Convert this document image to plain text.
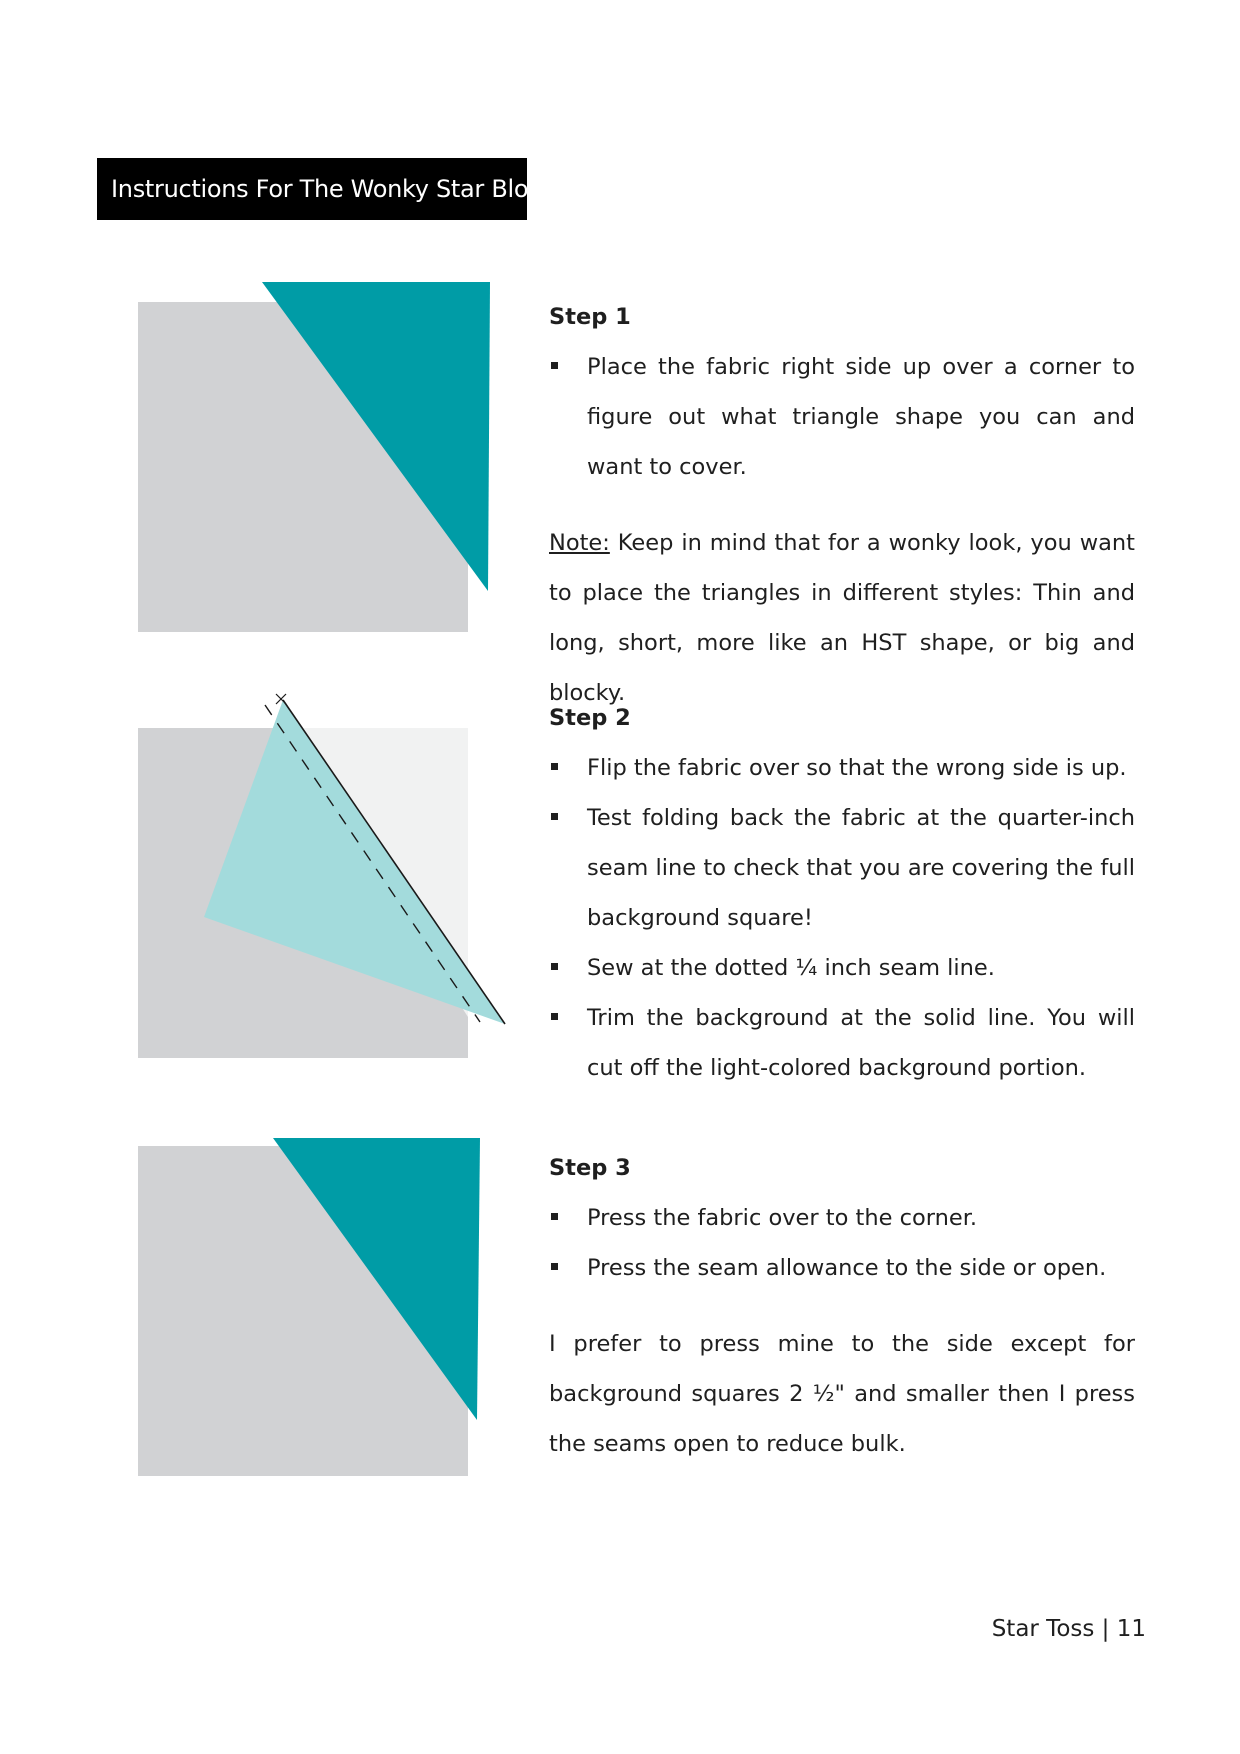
Instructions For The Wonky Star Block
Step 1
Place the fabric right side up over a corner to figure out what triangle shape you can and want to cover.

Note: Keep in mind that for a wonky look, you want to place the triangles in different styles: Thin and long, short, more like an HST shape, or big and blocky.

Step 2
Flip the fabric over so that the wrong side is up.
Test folding back the fabric at the quarter-inch seam line to check that you are covering the full background square!
Sew at the dotted ¼ inch seam line.
Trim the background at the solid line. You will cut off the light-colored background portion.
Step 3
Press the fabric over to the corner.
Press the seam allowance to the side or open.

I prefer to press mine to the side except for background squares 2 ½" and smaller then I press the seams open to reduce bulk.

Star Toss | 11
